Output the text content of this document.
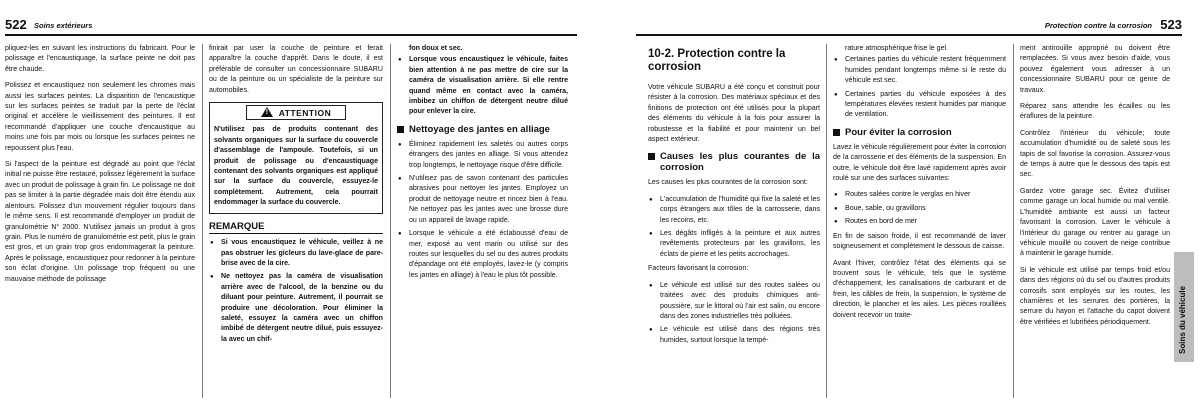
522 Soins extérieurs

pliquez-les en suivant les instructions du fabricant. Pour le polissage et l'encaustiquage, la surface peinte ne doit pas être chaude.

Polissez et encaustiquez non seulement les chromes mais aussi les surfaces peintes. La disparition de l'encaustique sur les surfaces peintes se traduit par la perte de l'éclat original et accélère le vieillissement des peintures. Il est recommandé d'appliquer une couche d'encaustique au moins une fois par mois ou lorsque les surfaces peintes ne repoussent plus l'eau.

Si l'aspect de la peinture est dégradé au point que l'éclat initial ne puisse être restauré, polissez légèrement la surface avec un produit de polissage à grain fin. Le polissage ne doit pas se limiter à la partie dégradée mais doit être étendu aux alentours. Polissez d'un mouvement régulier toujours dans le même sens. Il est recommandé d'employer un produit de granulométrie N° 2000. N'utilisez jamais un produit à gros grain. Plus le numéro de granulométrie est petit, plus le grain est gros, et un grain trop gros endommagerait la peinture. Après le polissage, encaustiquez pour redonner à la peinture son éclat d'origine. Un polissage trop fréquent ou une mauvaise méthode de polissage

finirait par user la couche de peinture et ferait apparaître la couche d'apprêt. Dans le doute, il est préférable de consulter un concessionnaire SUBARU ou de la peinture ou un spécialiste de la peinture sur automobiles.

! ATTENTION
N'utilisez pas de produits contenant des solvants organiques sur la surface du couvercle d'assemblage de l'ampoule. Toutefois, si un produit de polissage ou d'encaustiquage contenant des solvants organiques est appliqué sur la surface du couvercle, essuyez-le complètement. Autrement, cela pourrait endommager la surface du couvercle.
REMARQUE
● Si vous encaustiquez le véhicule, veillez à ne pas obstruer les gicleurs du lave-glace de pare-brise avec de la cire.
● Ne nettoyez pas la caméra de visualisation arrière avec de l'alcool, de la benzine ou du diluant pour peinture. Autrement, il pourrait se produire une décoloration. Pour éliminer la saleté, essuyez la caméra avec un chiffon imbibé de détergent neutre dilué, puis essuyez-la avec un chif-

fon doux et sec.

● Lorsque vous encaustiquez le véhicule, faites bien attention à ne pas mettre de cire sur la caméra de visualisation arrière. Si elle rentre quand même en contact avec la caméra, imbibez un chiffon de détergent neutre dilué pour enlever la cire.
Nettoyage des jantes en alliage
● Éliminez rapidement les saletés ou autres corps étrangers des jantes en alliage. Si vous attendez trop longtemps, le nettoyage risque d'être difficile.
● N'utilisez pas de savon contenant des particules abrasives pour nettoyer les jantes. Employez un produit de nettoyage neutre et rincez bien à l'eau. Ne nettoyez pas les jantes avec une brosse dure ou un appareil de lavage rapide.
● Lorsque le véhicule a été éclaboussé d'eau de mer, exposé au vent marin ou utilisé sur des routes sur lesquelles du sel ou des autres produits d'épandage ont été employés, lavez-le (y compris les jantes en alliage) à l'eau le plus tôt possible.
Protection contre la corrosion 523
10-2. Protection contre la corrosion

Votre véhicule SUBARU a été conçu et construit pour résister à la corrosion. Des matériaux spéciaux et des finitions de protection ont été utilisés pour la plupart des éléments du véhicule à la fois pour assurer la robustesse et la fiabilité et pour maintenir un bel aspect extérieur.

Causes les plus courantes de la corrosion

Les causes les plus courantes de la corrosion sont:

● L'accumulation de l'humidité qui fixe la saleté et les corps étrangers aux tôles de la carrosserie, dans les recoins, etc.
● Les dégâts infligés à la peinture et aux autres revêtements protecteurs par les gravillons, les éclats de pierre et les petits accrochages.

Facteurs favorisant la corrosion:

● Le véhicule est utilisé sur des routes salées ou traitées avec des produits chimiques anti-poussière, sur le littoral où l'air est salin, ou encore dans des zones industrielles très polluées.
● Le véhicule est utilisé dans des régions très humides, surtout lorsque la tempé-

rature atmosphérique frise le gel.

● Certaines parties du véhicule restent fréquemment humides pendant longtemps même si le reste du véhicule est sec.
● Certaines parties du véhicule exposées à des températures élevées restent humides par manque de ventilation.
Pour éviter la corrosion

Lavez le véhicule régulièrement pour éviter la corrosion de la carrosserie et des éléments de la suspension. En outre, le véhicule doit être lavé rapidement après avoir roulé sur une des surfaces suivantes:

● Routes salées contre le verglas en hiver
● Boue, sable, ou gravillons
● Routes en bord de mer

En fin de saison froide, il est recommandé de laver soigneusement et complètement le dessous de caisse.

Avant l'hiver, contrôlez l'état des éléments qui se trouvent sous le véhicule, tels que le système d'échappement, les canalisations de carburant et de frein, les câbles de frein, la suspension, le système de direction, le plancher et les ailes. Les pièces rouillées doivent recevoir un traite-

ment antirouille approprié ou doivent être remplacées. Si vous avez besoin d'aide, vous pouvez également vous adresser à un concessionnaire SUBARU pour ce genre de travaux.

Réparez sans attendre les écailles ou les éraflures de la peinture.

Contrôlez l'intérieur du véhicule; toute accumulation d'humidité ou de saleté sous les tapis de sol favorise la corrosion. Assurez-vous de temps à autre que le dessous des tapis est sec.

Gardez votre garage sec. Évitez d'utiliser comme garage un local humide ou mal ventilé. L'humidité ambiante est aussi un facteur favorisant la corrosion. Laver le véhicule à l'intérieur du garage ou rentrer au garage un véhicule mouillé ou couvert de neige contribue à maintenir le garage humide.

Si le véhicule est utilisé par temps froid et/ou dans des régions où du sel ou d'autres produits corrosifs sont employés sur les routes, les charnières et les serrures des portières, la serrure du hayon et l'attache du capot doivent être vérifiées et lubrifiées périodiquement.	Soins du véhicule
